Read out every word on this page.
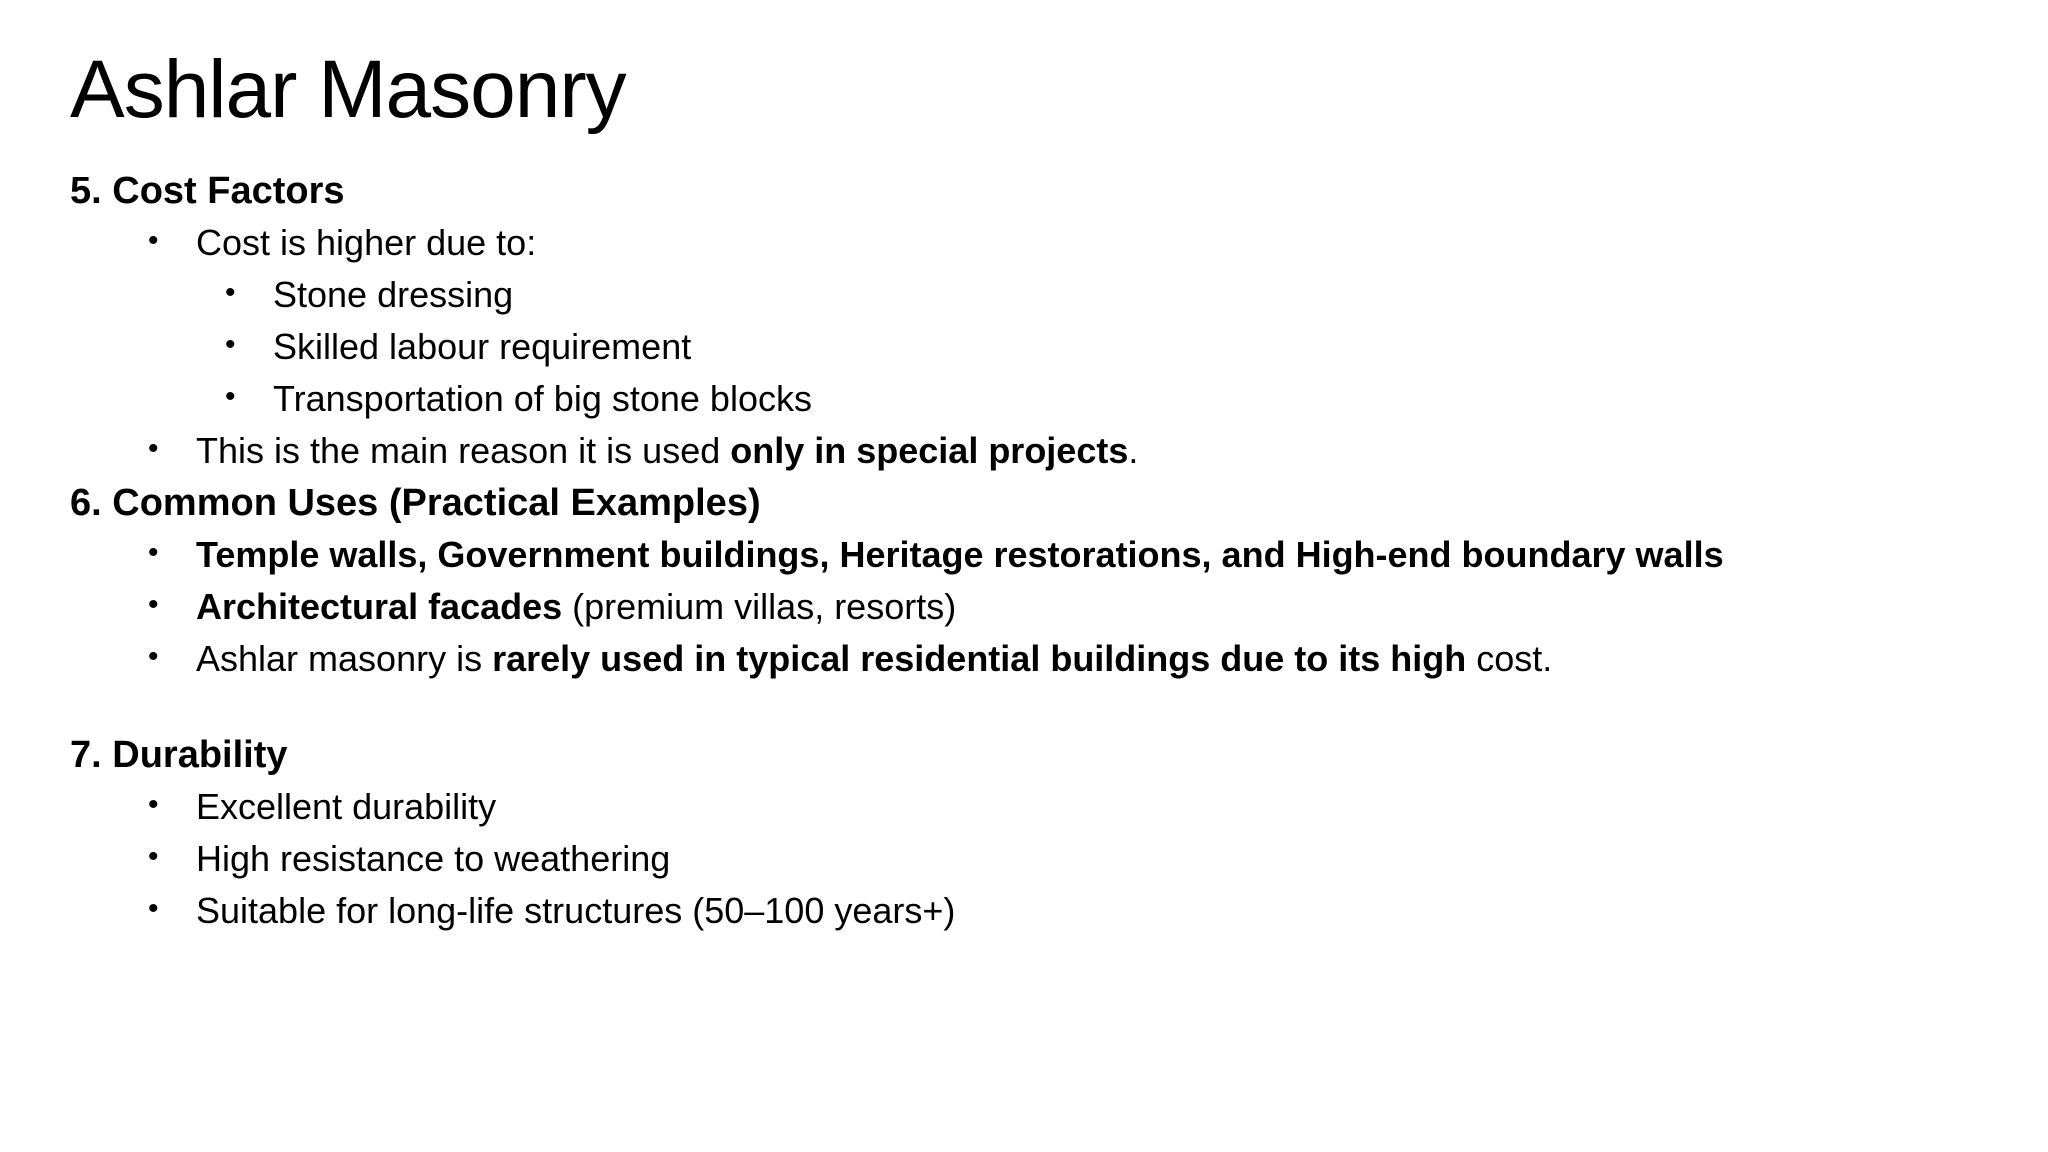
Ashlar Masonry
5. Cost Factors
• Cost is higher due to:
• Stone dressing
• Skilled labour requirement
• Transportation of big stone blocks
• This is the main reason it is used only in special projects.
6. Common Uses (Practical Examples)
• Temple walls, Government buildings, Heritage restorations, and High-end boundary walls
• Architectural facades (premium villas, resorts)
• Ashlar masonry is rarely used in typical residential buildings due to its high cost.
7. Durability
• Excellent durability
• High resistance to weathering
• Suitable for long-life structures (50–100 years+)
